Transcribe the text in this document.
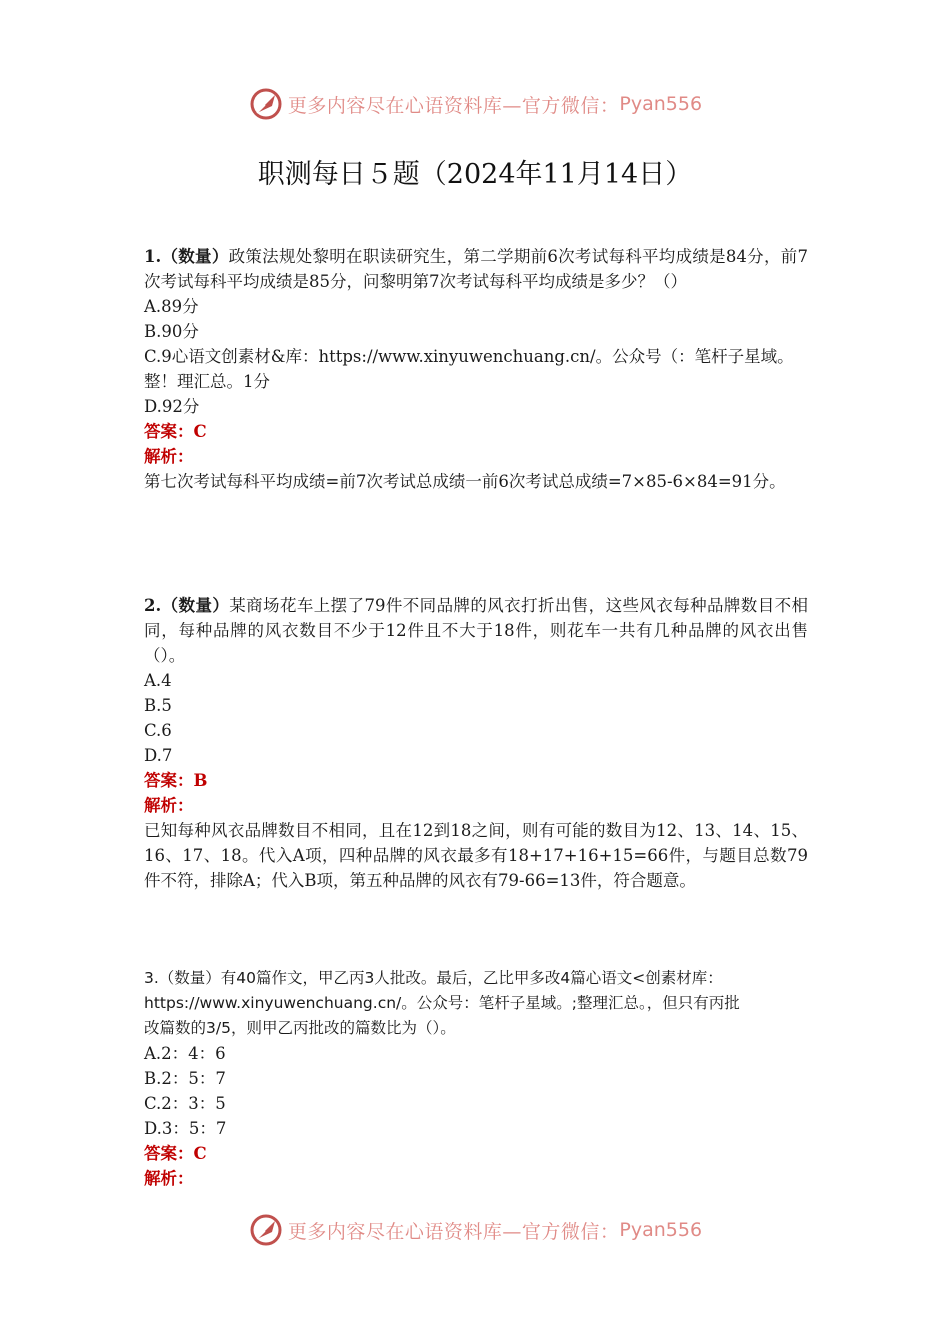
更多内容尽在心语资料库—官方微信： Pyan556
职测每日５题（2024年11月14日）

1.（数量）政策法规处黎明在职读研究生，第二学期前6次考试每科平均成绩是84分，前7次考试每科平均成绩是85分，问黎明第7次考试每科平均成绩是多少？（）

A.89分

B.90分

C.9心语文创素材&库：https://www.xinyuwenchuang.cn/。公众号（：笔杆子星域。

整！理汇总。1分

D.92分

答案：C

解析：

第七次考试每科平均成绩=前7次考试总成绩一前6次考试总成绩=7×85-6×84=91分。

2.（数量）某商场花车上摆了79件不同品牌的风衣打折出售，这些风衣每种品牌数目不相同，每种品牌的风衣数目不少于12件且不大于18件，则花车一共有几种品牌的风衣出售（）。

A.4

B.5

C.6

D.7

答案：B

解析：

已知每种风衣品牌数目不相同，且在12到18之间，则有可能的数目为12、13、14、15、16、17、18。代入A项，四种品牌的风衣最多有18+17+16+15=66件，与题目总数79件不符，排除A；代入B项，第五种品牌的风衣有79-66=13件，符合题意。

3.（数量）有40篇作文，甲乙丙3人批改。最后，乙比甲多改4篇心语文<创素材库：

https://www.xinyuwenchuang.cn/。公众号：笔杆子星域。;整理汇总。，但只有丙批

改篇数的3/5，则甲乙丙批改的篇数比为（）。

A.2：4：6

B.2：5：7

C.2：3：5

D.3：5：7

答案：C

解析：

更多内容尽在心语资料库—官方微信： Pyan556
